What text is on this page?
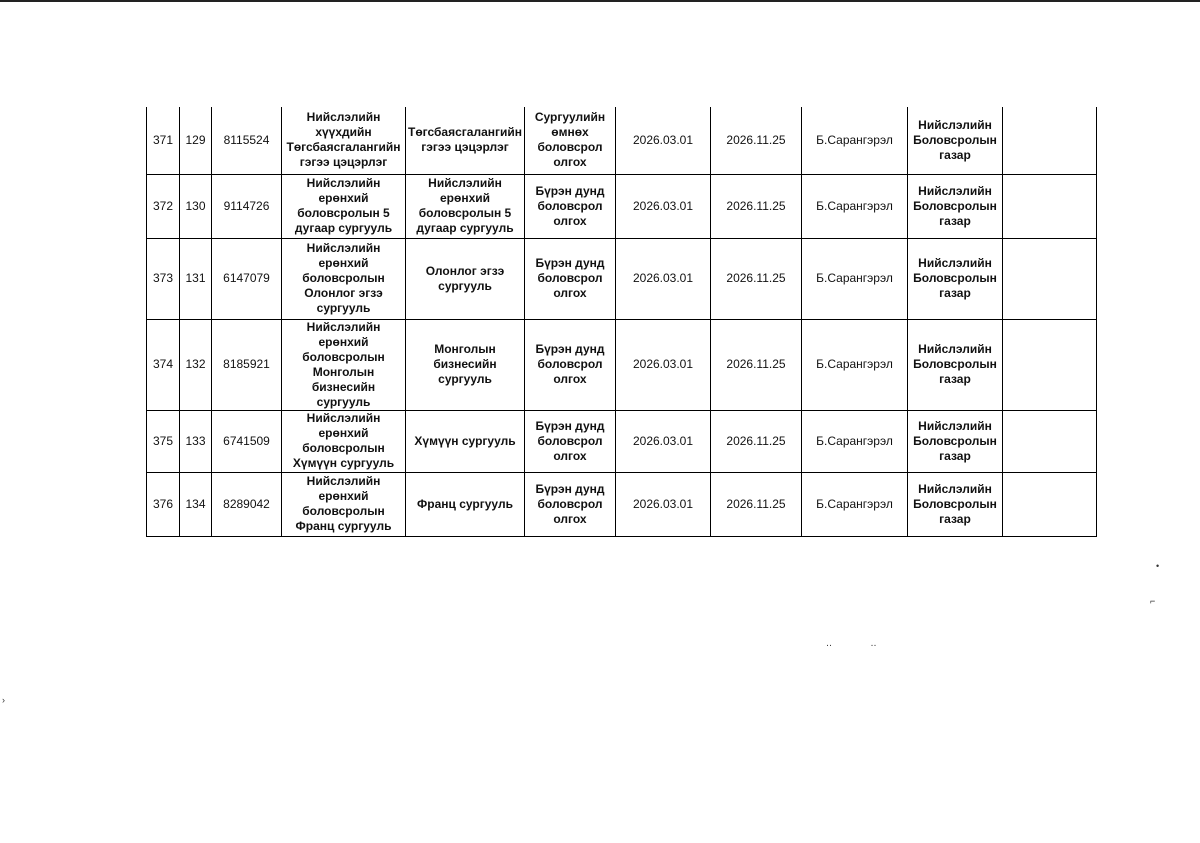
371	129	8115524	Нийслэлийн хүүхдийн Төгсбаясгалангийн гэгээ цэцэрлэг	Төгсбаясгалангийн гэгээ цэцэрлэг	Сургуулийн өмнөх боловсрол олгох	2026.03.01	2026.11.25	Б.Сарангэрэл	Нийслэлийн Боловсролын газар	
372	130	9114726	Нийслэлийн ерөнхий боловсролын 5 дугаар сургууль	Нийслэлийн ерөнхий боловсролын 5 дугаар сургууль	Бүрэн дунд боловсрол олгох	2026.03.01	2026.11.25	Б.Сарангэрэл	Нийслэлийн Боловсролын газар	
373	131	6147079	Нийслэлийн ерөнхий боловсролын Олонлог эгзэ сургууль	Олонлог эгзэ сургууль	Бүрэн дунд боловсрол олгох	2026.03.01	2026.11.25	Б.Сарангэрэл	Нийслэлийн Боловсролын газар	
374	132	8185921	Нийслэлийн ерөнхий боловсролын Монголын бизнесийн сургууль	Монголын бизнесийн сургууль	Бүрэн дунд боловсрол олгох	2026.03.01	2026.11.25	Б.Сарангэрэл	Нийслэлийн Боловсролын газар	
375	133	6741509	Нийслэлийн ерөнхий боловсролын Хүмүүн сургууль	Хүмүүн сургууль	Бүрэн дунд боловсрол олгох	2026.03.01	2026.11.25	Б.Сарангэрэл	Нийслэлийн Боловсролын газар	
376	134	8289042	Нийслэлийн ерөнхий боловсролын Франц сургууль	Франц сургууль	Бүрэн дунд боловсрол олгох	2026.03.01	2026.11.25	Б.Сарангэрэл	Нийслэлийн Боловсролын газар	
•
⌐
‥ ‥
›
